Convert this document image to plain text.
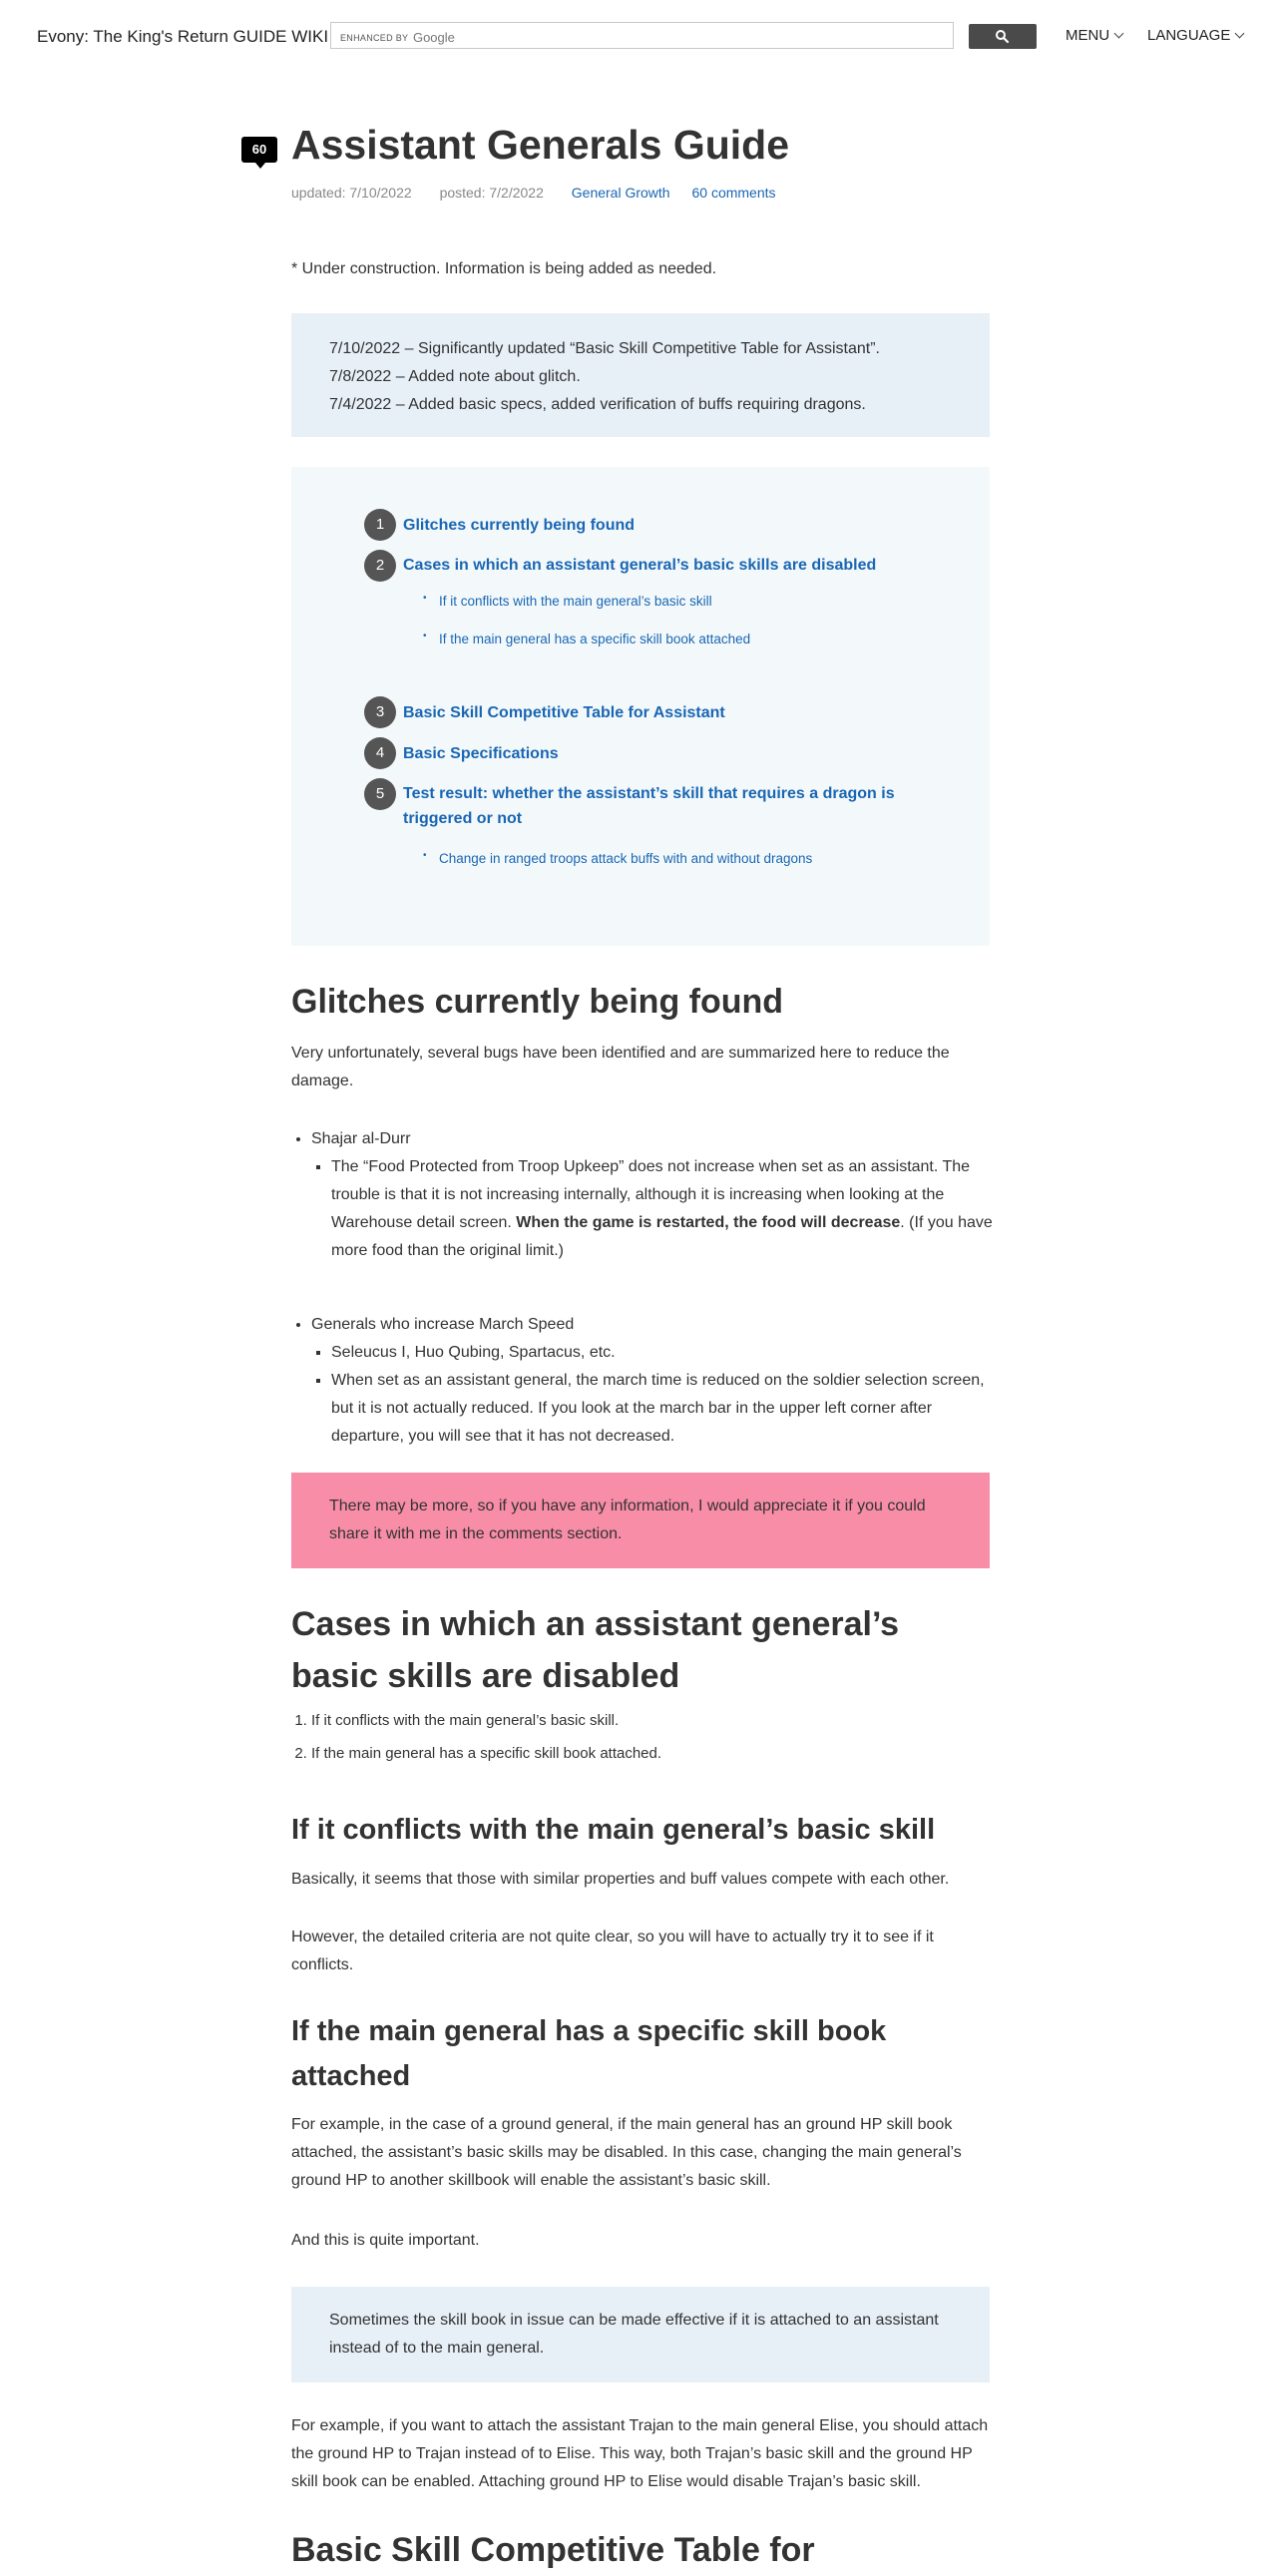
Evony: The King's Return GUIDE WIKI ENHANCED BY Google	MENU	LANGUAGE
60 Assistant Generals Guide
updated: 7/10/2022 posted: 7/2/2022 General Growth 60 comments

* Under construction. Information is being added as needed.

7/10/2022 – Significantly updated “Basic Skill Competitive Table for Assistant”.

7/8/2022 – Added note about glitch.

7/4/2022 – Added basic specs, added verification of buffs requiring dragons.

1	Glitches currently being found
2	Cases in which an assistant general’s basic skills are disabled
• If it conflicts with the main general’s basic skill
• If the main general has a specific skill book attached
3	Basic Skill Competitive Table for Assistant
4	Basic Specifications
5	Test result: whether the assistant’s skill that requires a dragon is
triggered or not
• Change in ranged troops attack buffs with and without dragons
Glitches currently being found

Very unfortunately, several bugs have been identified and are summarized here to reduce the

damage.

• Shajar al-Durr
▪ The “Food Protected from Troop Upkeep” does not increase when set as an assistant. The
trouble is that it is not increasing internally, although it is increasing when looking at the
Warehouse detail screen. When the game is restarted, the food will decrease. (If you have
more food than the original limit.)
• Generals who increase March Speed
▪ Seleucus I, Huo Qubing, Spartacus, etc.
▪ When set as an assistant general, the march time is reduced on the soldier selection screen,
but it is not actually reduced. If you look at the march bar in the upper left corner after
departure, you will see that it has not decreased.

There may be more, so if you have any information, I would appreciate it if you could

share it with me in the comments section.

Cases in which an assistant general’s
basic skills are disabled
1. If it conflicts with the main general’s basic skill.
2. If the main general has a specific skill book attached.
If it conflicts with the main general’s basic skill

Basically, it seems that those with similar properties and buff values compete with each other.

However, the detailed criteria are not quite clear, so you will have to actually try it to see if it

conflicts.

If the main general has a specific skill book
attached

For example, in the case of a ground general, if the main general has an ground HP skill book

attached, the assistant’s basic skills may be disabled. In this case, changing the main general’s

ground HP to another skillbook will enable the assistant’s basic skill.

And this is quite important.

Sometimes the skill book in issue can be made effective if it is attached to an assistant

instead of to the main general.

For example, if you want to attach the assistant Trajan to the main general Elise, you should attach

the ground HP to Trajan instead of to Elise. This way, both Trajan’s basic skill and the ground HP

skill book can be enabled. Attaching ground HP to Elise would disable Trajan’s basic skill.

Basic Skill Competitive Table for
